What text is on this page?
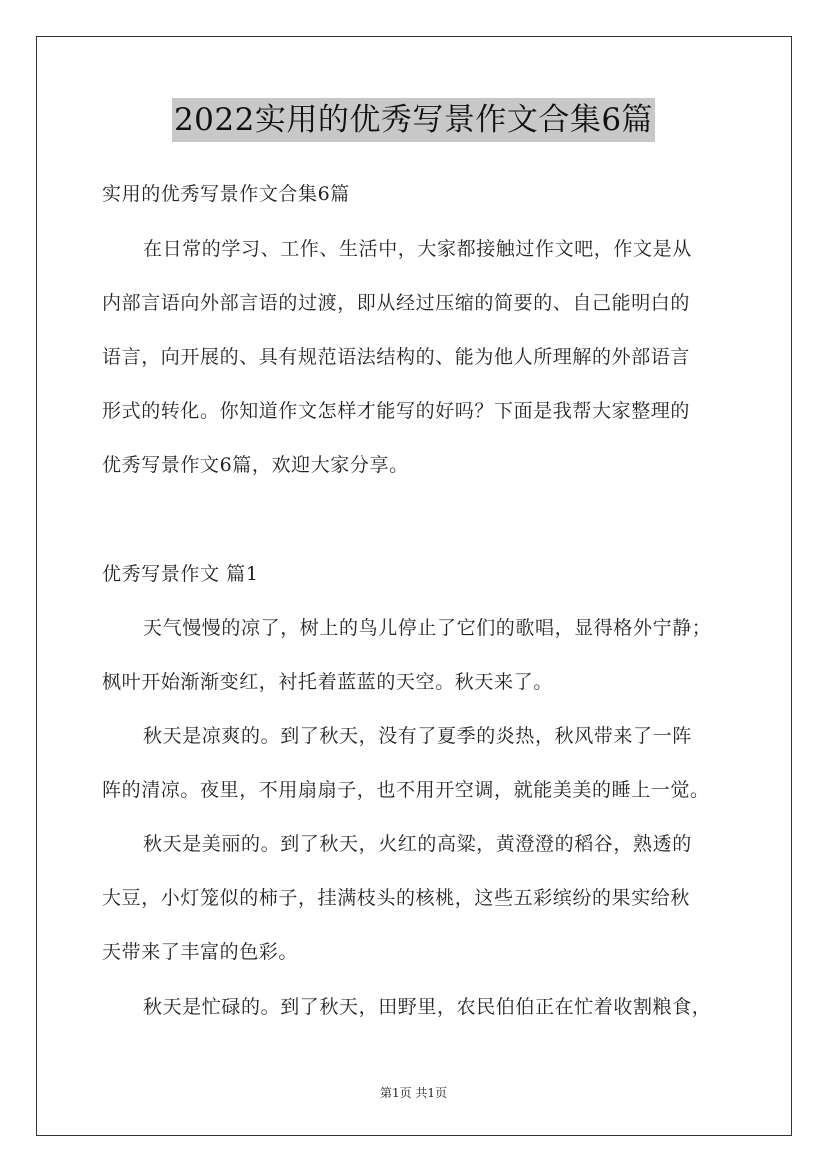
2022实用的优秀写景作文合集6篇
实用的优秀写景作文合集6篇
在日常的学习、工作、生活中，大家都接触过作文吧，作文是从
内部言语向外部言语的过渡，即从经过压缩的简要的、自己能明白的
语言，向开展的、具有规范语法结构的、能为他人所理解的外部语言
形式的转化。你知道作文怎样才能写的好吗？下面是我帮大家整理的
优秀写景作文6篇，欢迎大家分享。
优秀写景作文 篇1
天气慢慢的凉了，树上的鸟儿停止了它们的歌唱，显得格外宁静；
枫叶开始渐渐变红，衬托着蓝蓝的天空。秋天来了。
秋天是凉爽的。到了秋天，没有了夏季的炎热，秋风带来了一阵
阵的清凉。夜里，不用扇扇子，也不用开空调，就能美美的睡上一觉。
秋天是美丽的。到了秋天，火红的高粱，黄澄澄的稻谷，熟透的
大豆，小灯笼似的柿子，挂满枝头的核桃，这些五彩缤纷的果实给秋
天带来了丰富的色彩。
秋天是忙碌的。到了秋天，田野里，农民伯伯正在忙着收割粮食，
第1页 共1页
